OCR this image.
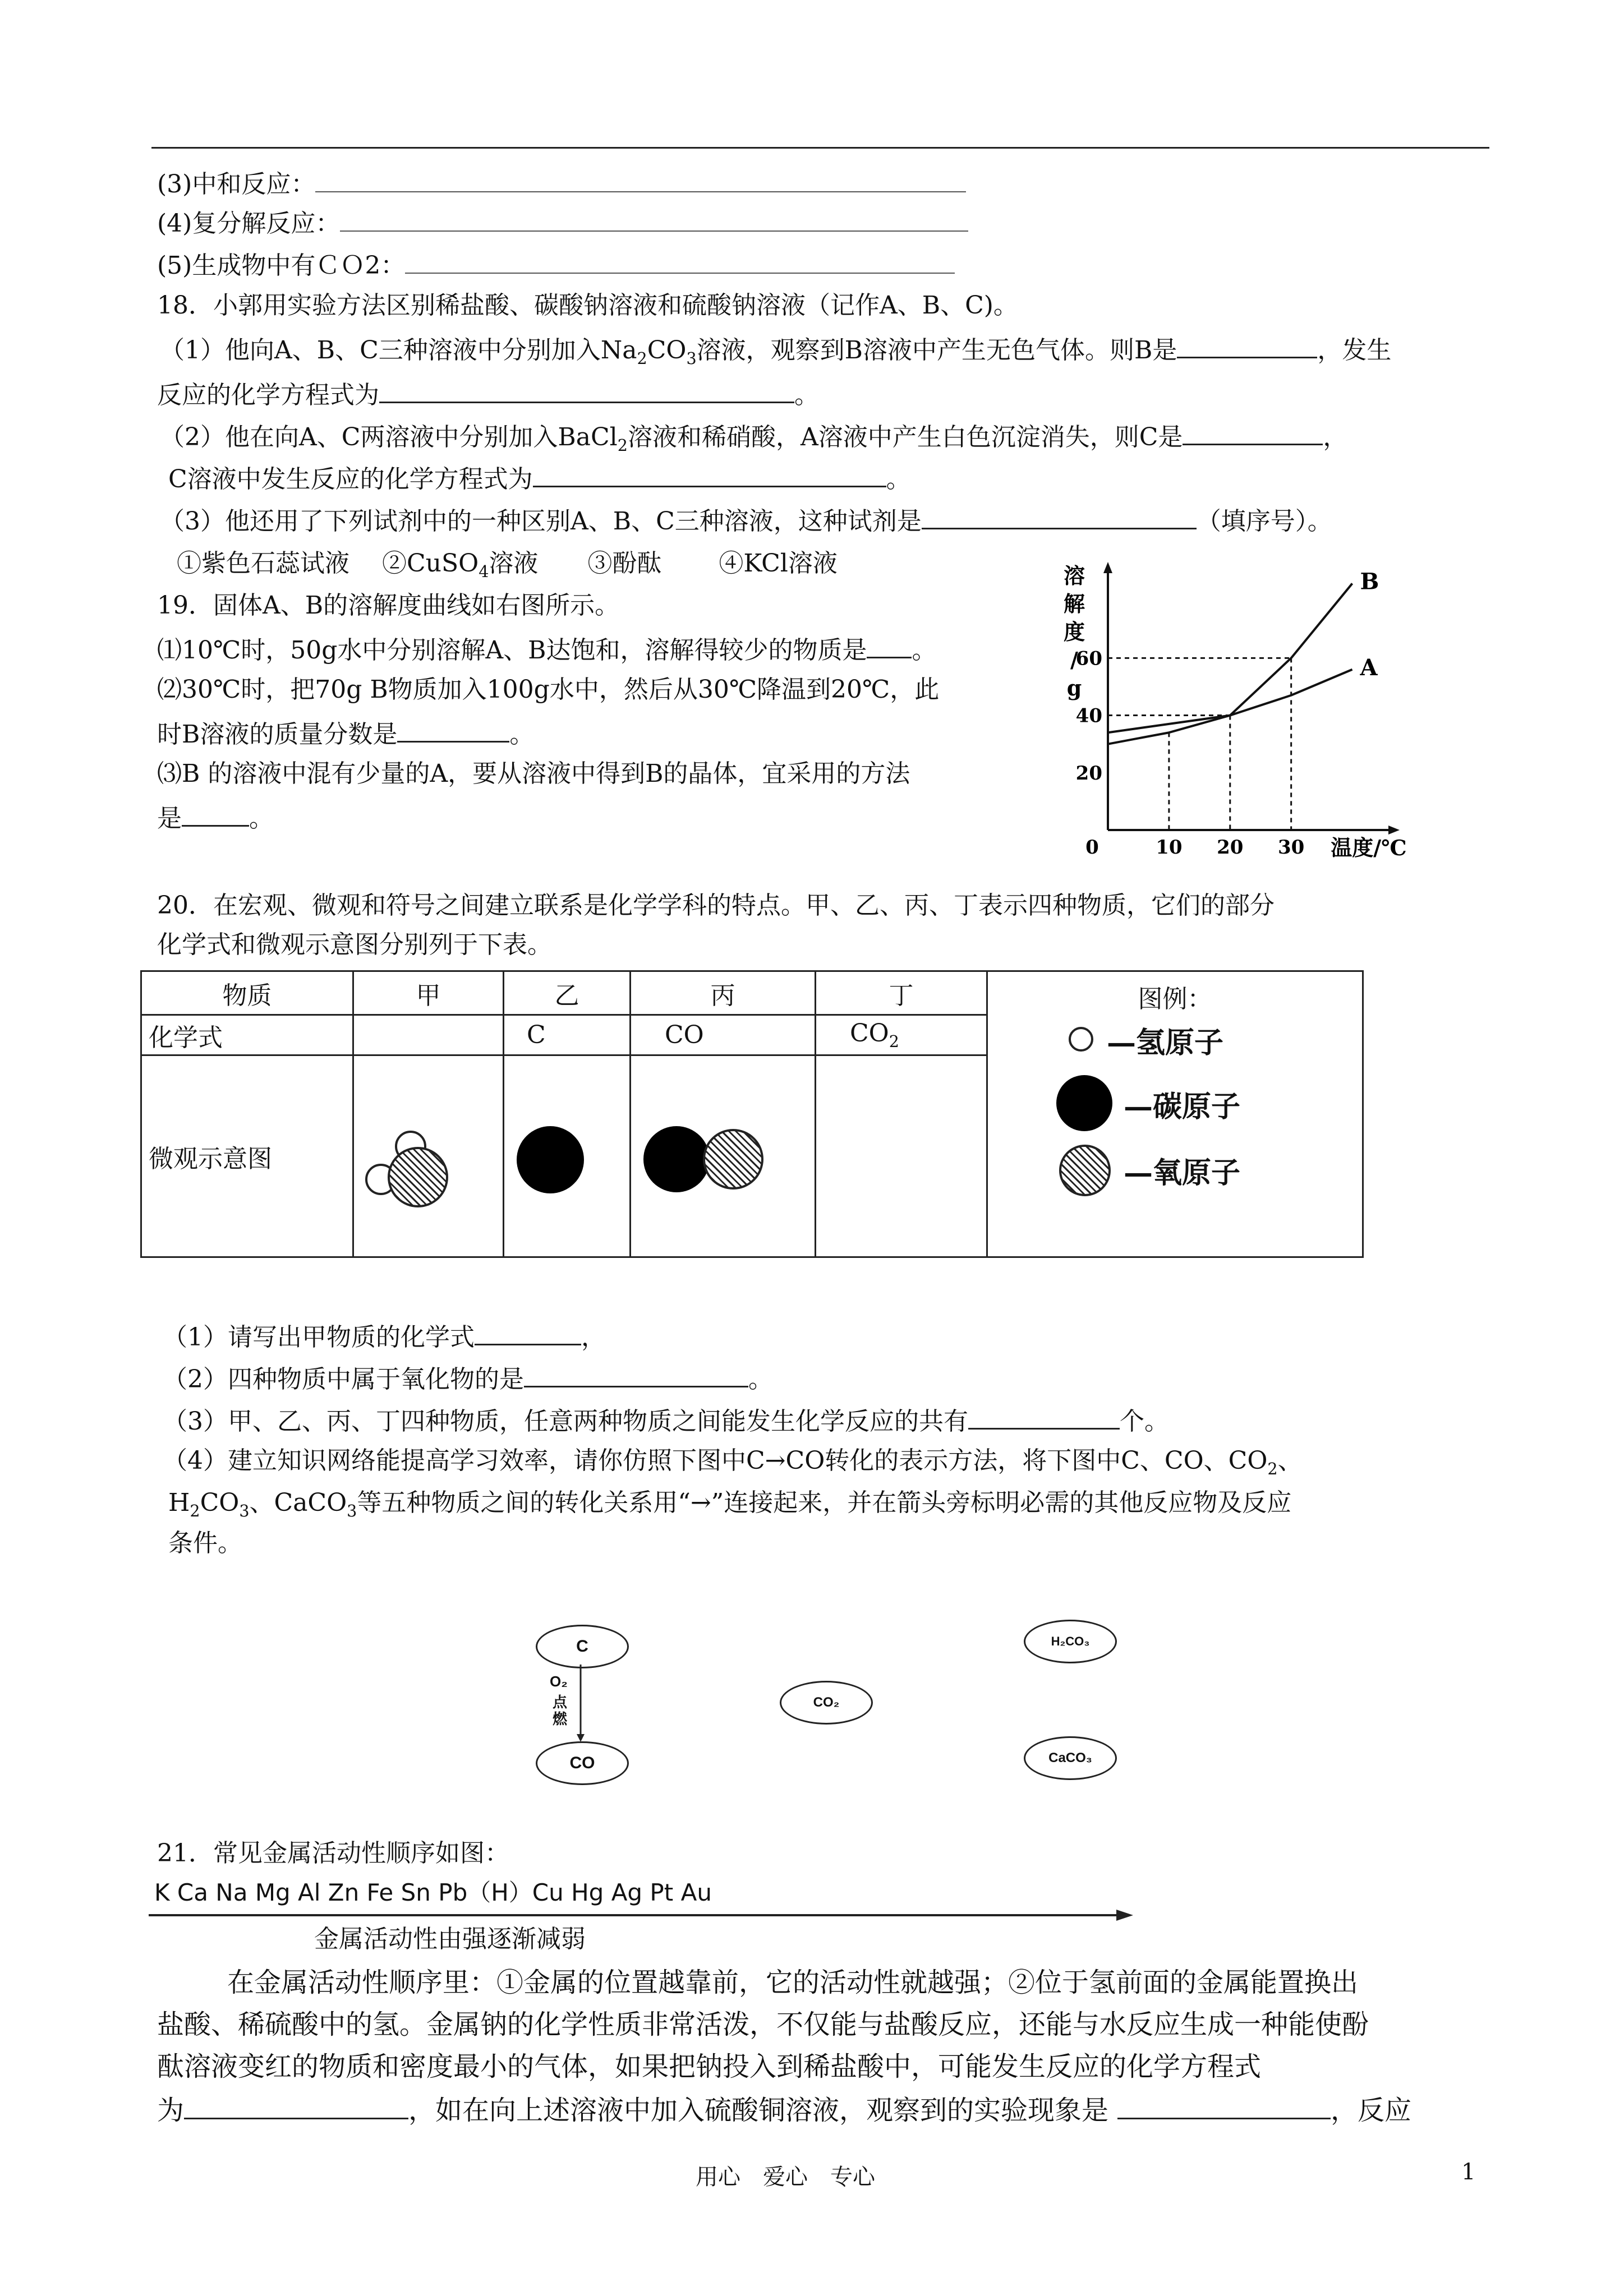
(3)中和反应：
(4)复分解反应：
(5)生成物中有ＣＯ2：
18．小郭用实验方法区别稀盐酸、碳酸钠溶液和硫酸钠溶液（记作A、B、C)。
（1）他向A、B、C三种溶液中分别加入$Na_2CO_3$溶液，观察到B溶液中产生无色气体。则B是	，发生
反应的化学方程式为	。
（2）他在向A、C两溶液中分别加入BaCl$_2$溶液和稀硝酸，A溶液中产生白色沉淀消失，则C是	，
C溶液中发生反应的化学方程式为	。
（3）他还用了下列试剂中的一种区别A、B、C三种溶液，这种试剂是	（填序号）。
①紫色石蕊试液　 ②CuSO$_4$溶液　　③酚酞　　 ④KCl溶液
19．固体A、B的溶解度曲线如右图所示。
⑴10℃时，50g水中分别溶解A、B达饱和，溶解得较少的物质是 。
⑵30℃时，把70g B物质加入100g水中，然后从30℃降温到20℃，此
时B溶液的质量分数是	。
⑶B 的溶液中混有少量的A，要从溶液中得到B的晶体，宜采用的方法
是	。
溶
解
度
/
g
温度/℃
0	10 20 30
20
40
60
B
A
20．在宏观、微观和符号之间建立联系是化学学科的特点。甲、乙、丙、丁表示四种物质，它们的部分
化学式和微观示意图分别列于下表。
物质	甲	乙	丙	丁	图例：
—氢原子
—碳原子
—氧原子

化学式		C	CO	$CO_2$
微观示意图		

（1）请写出甲物质的化学式	，
（2）四种物质中属于氧化物的是	。
（3）甲、乙、丙、丁四种物质，任意两种物质之间能发生化学反应的共有	个。
（4）建立知识网络能提高学习效率，请你仿照下图中C→CO转化的表示方法，将下图中C、CO、$CO_2$、
$H_2CO_3$、CaCO$_3$等五种物质之间的转化关系用“→”连接起来，并在箭头旁标明必需的其他反应物及反应
条件。
C
CO
CO₂
H₂CO₃
CaCO₃
O₂
点
燃
21．常见金属活动性顺序如图：
K Ca Na Mg Al Zn Fe Sn Pb（H）Cu Hg Ag Pt Au
金属活动性由强逐渐减弱
在金属活动性顺序里：①金属的位置越靠前，它的活动性就越强；②位于氢前面的金属能置换出
盐酸、稀硫酸中的氢。金属钠的化学性质非常活泼，不仅能与盐酸反应，还能与水反应生成一种能使酚
酞溶液变红的物质和密度最小的气体，如果把钠投入到稀盐酸中，可能发生反应的化学方程式
为	，如在向上述溶液中加入硫酸铜溶液，观察到的实验现象是	，反应
用心　爱心　专心	1
